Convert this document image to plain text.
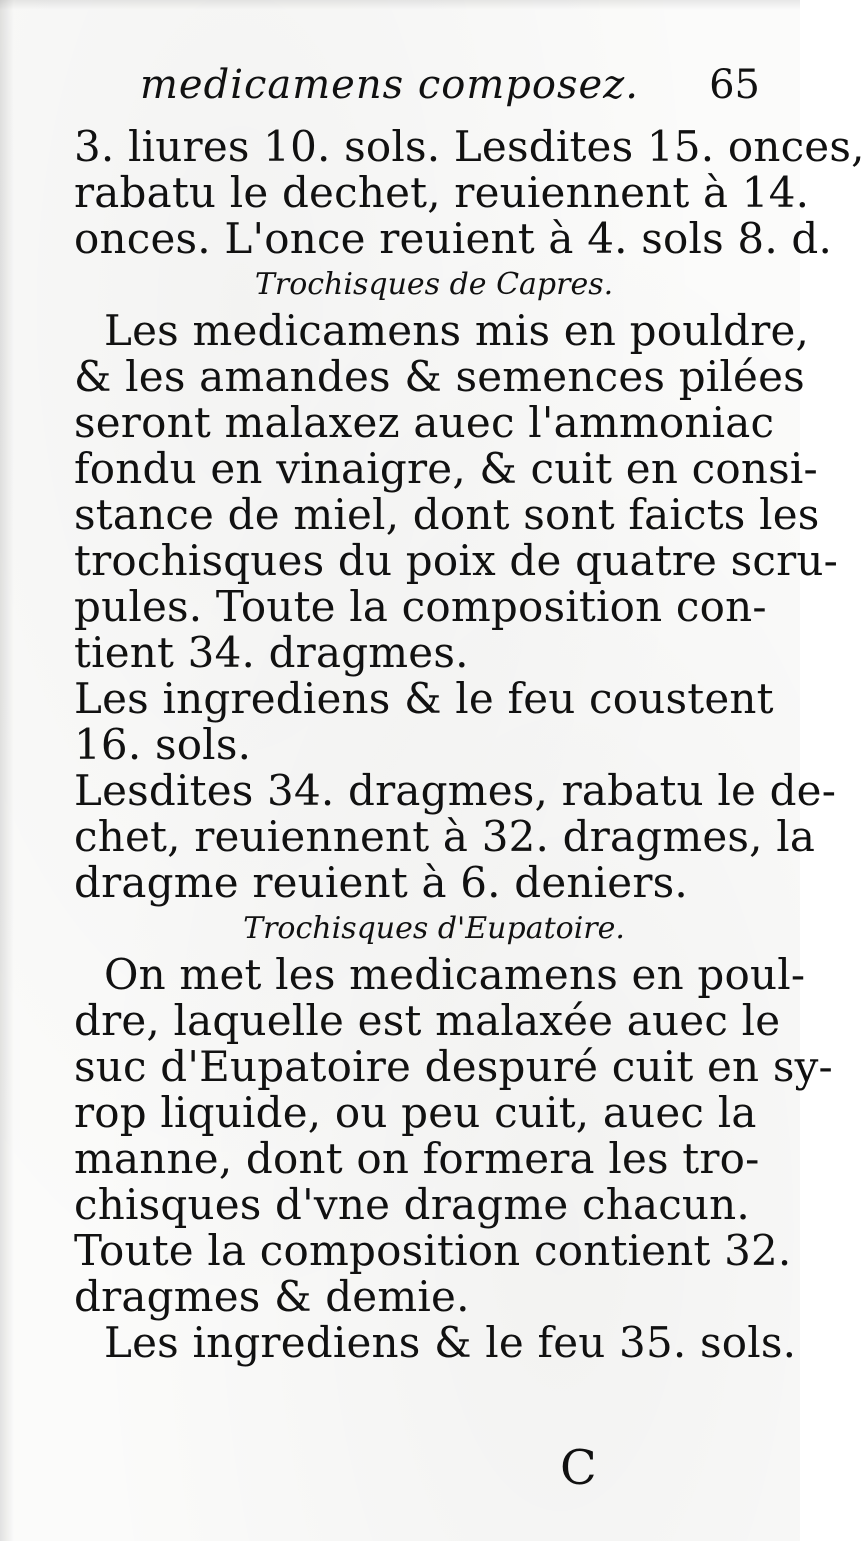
medicamens composez. 65
3. liures 10. sols. Lesdites 15. onces,
rabatu le dechet, reuiennent à 14.
onces. L'once reuient à 4. sols 8. d.
Trochisques de Capres.
Les medicamens mis en pouldre,
& les amandes & semences pilées
seront malaxez auec l'ammoniac
fondu en vinaigre, & cuit en consi-
stance de miel, dont sont faicts les
trochisques du poix de quatre scru-
pules. Toute la composition con-
tient 34. dragmes.
Les ingrediens & le feu coustent
16. sols.
Lesdites 34. dragmes, rabatu le de-
chet, reuiennent à 32. dragmes, la
dragme reuient à 6. deniers.
Trochisques d'Eupatoire.
On met les medicamens en poul-
dre, laquelle est malaxée auec le
suc d'Eupatoire despuré cuit en sy-
rop liquide, ou peu cuit, auec la
manne, dont on formera les tro-
chisques d'vne dragme chacun.
Toute la composition contient 32.
dragmes & demie.
Les ingrediens & le feu 35. sols.
C
